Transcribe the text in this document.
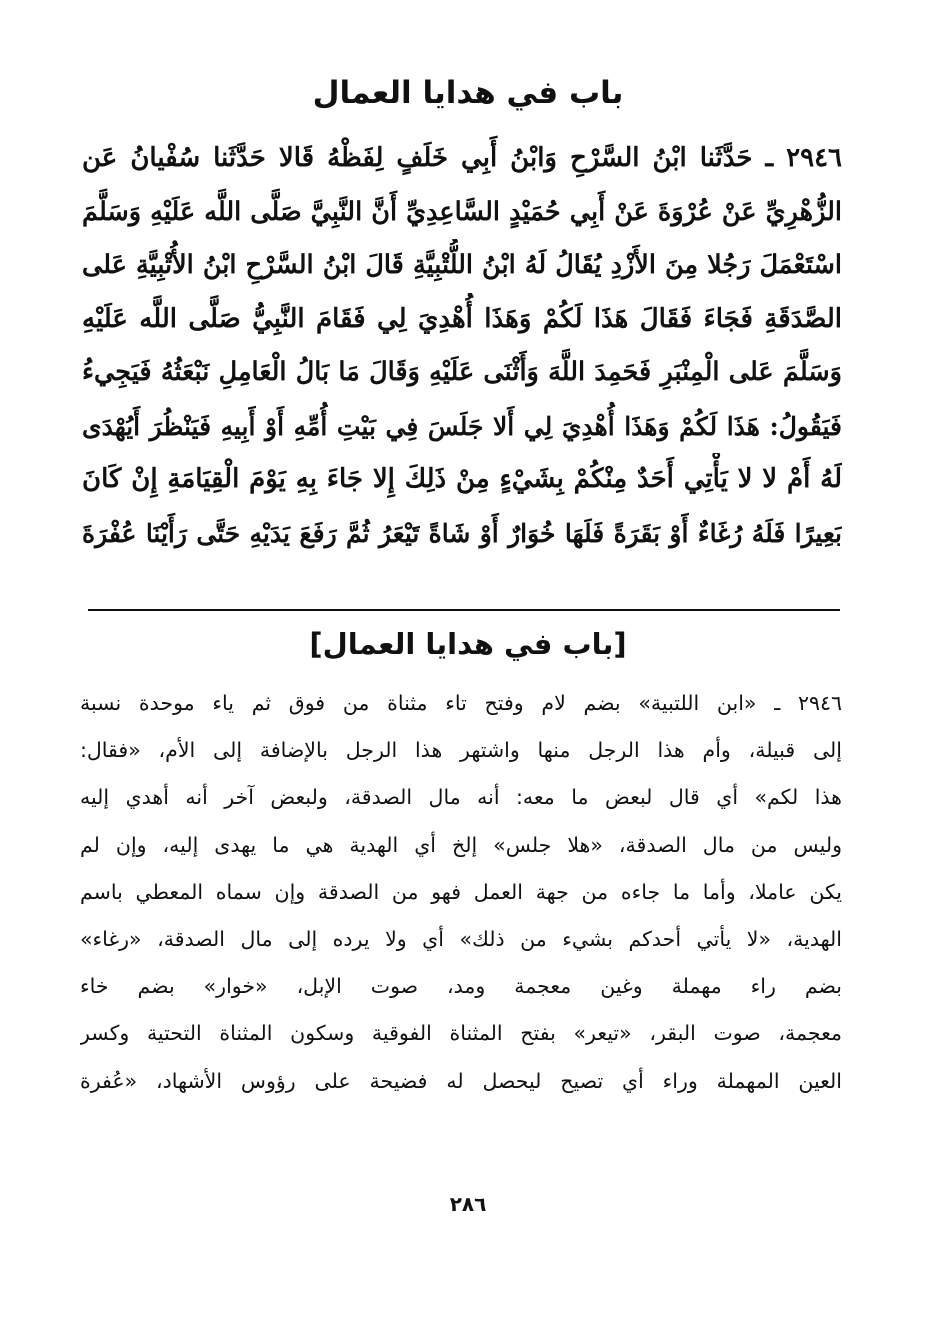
باب في هدايا العمال
٢٩٤٦ ـ حَدَّثَنا ابْنُ السَّرْحِ وَابْنُ أَبِي خَلَفٍ لِفَظْهُ قَالا حَدَّثَنا سُفْيانُ عَن
الزُّهْرِيِّ عَنْ عُرْوَةَ عَنْ أَبِي حُمَيْدٍ السَّاعِدِيِّ أَنَّ النَّبِيَّ صَلَّى اللَّه عَلَيْهِ وَسَلَّمَ
اسْتَعْمَلَ رَجُلا مِنَ الأَزْدِ يُقَالُ لَهُ ابْنُ اللُّتْبِيَّةِ قَالَ ابْنُ السَّرْحِ ابْنُ الأُتْبِيَّةِ عَلى
الصَّدَقَةِ فَجَاءَ فَقَالَ هَذَا لَكُمْ وَهَذَا أُهْدِيَ لِي فَقَامَ النَّبِيُّ صَلَّى اللَّه عَلَيْهِ
وَسَلَّمَ عَلى الْمِنْبَرِ فَحَمِدَ اللَّهَ وَأَثْنَى عَلَيْهِ وَقَالَ مَا بَالُ الْعَامِلِ نَبْعَثُهُ فَيَجِيءُ
فَيَقُولُ: هَذَا لَكُمْ وَهَذَا أُهْدِيَ لِي أَلا جَلَسَ فِي بَيْتِ أُمِّهِ أَوْ أَبِيهِ فَيَنْظُرَ أَيُهْدَى
لَهُ أَمْ لا لا يَأْتِي أَحَدٌ مِنْكُمْ بِشَيْءٍ مِنْ ذَلِكَ إِلا جَاءَ بِهِ يَوْمَ الْقِيَامَةِ إِنْ كَانَ
بَعِيرًا فَلَهُ رُغَاءٌ أَوْ بَقَرَةً فَلَهَا خُوَارٌ أَوْ شَاةً تَيْعَرُ ثُمَّ رَفَعَ يَدَيْهِ حَتَّى رَأَيْنَا عُفْرَةَ
[باب في هدايا العمال]
٢٩٤٦ ـ «ابن اللتبية» بضم لام وفتح تاء مثناة من فوق ثم ياء موحدة نسبة
إلى قبيلة، وأم هذا الرجل منها واشتهر هذا الرجل بالإضافة إلى الأم، «فقال:
هذا لكم» أي قال لبعض ما معه: أنه مال الصدقة، ولبعض آخر أنه أهدي إليه
وليس من مال الصدقة، «هلا جلس» إلخ أي الهدية هي ما يهدى إليه، وإن لم
يكن عاملا، وأما ما جاءه من جهة العمل فهو من الصدقة وإن سماه المعطي باسم
الهدية، «لا يأتي أحدكم بشيء من ذلك» أي ولا يرده إلى مال الصدقة، «رغاء»
بضم راء مهملة وغين معجمة ومد، صوت الإبل، «خوار» بضم خاء
معجمة، صوت البقر، «تيعر» بفتح المثناة الفوقية وسكون المثناة التحتية وكسر
العين المهملة وراء أي تصيح ليحصل له فضيحة على رؤوس الأشهاد، «عُفرة
٢٨٦
